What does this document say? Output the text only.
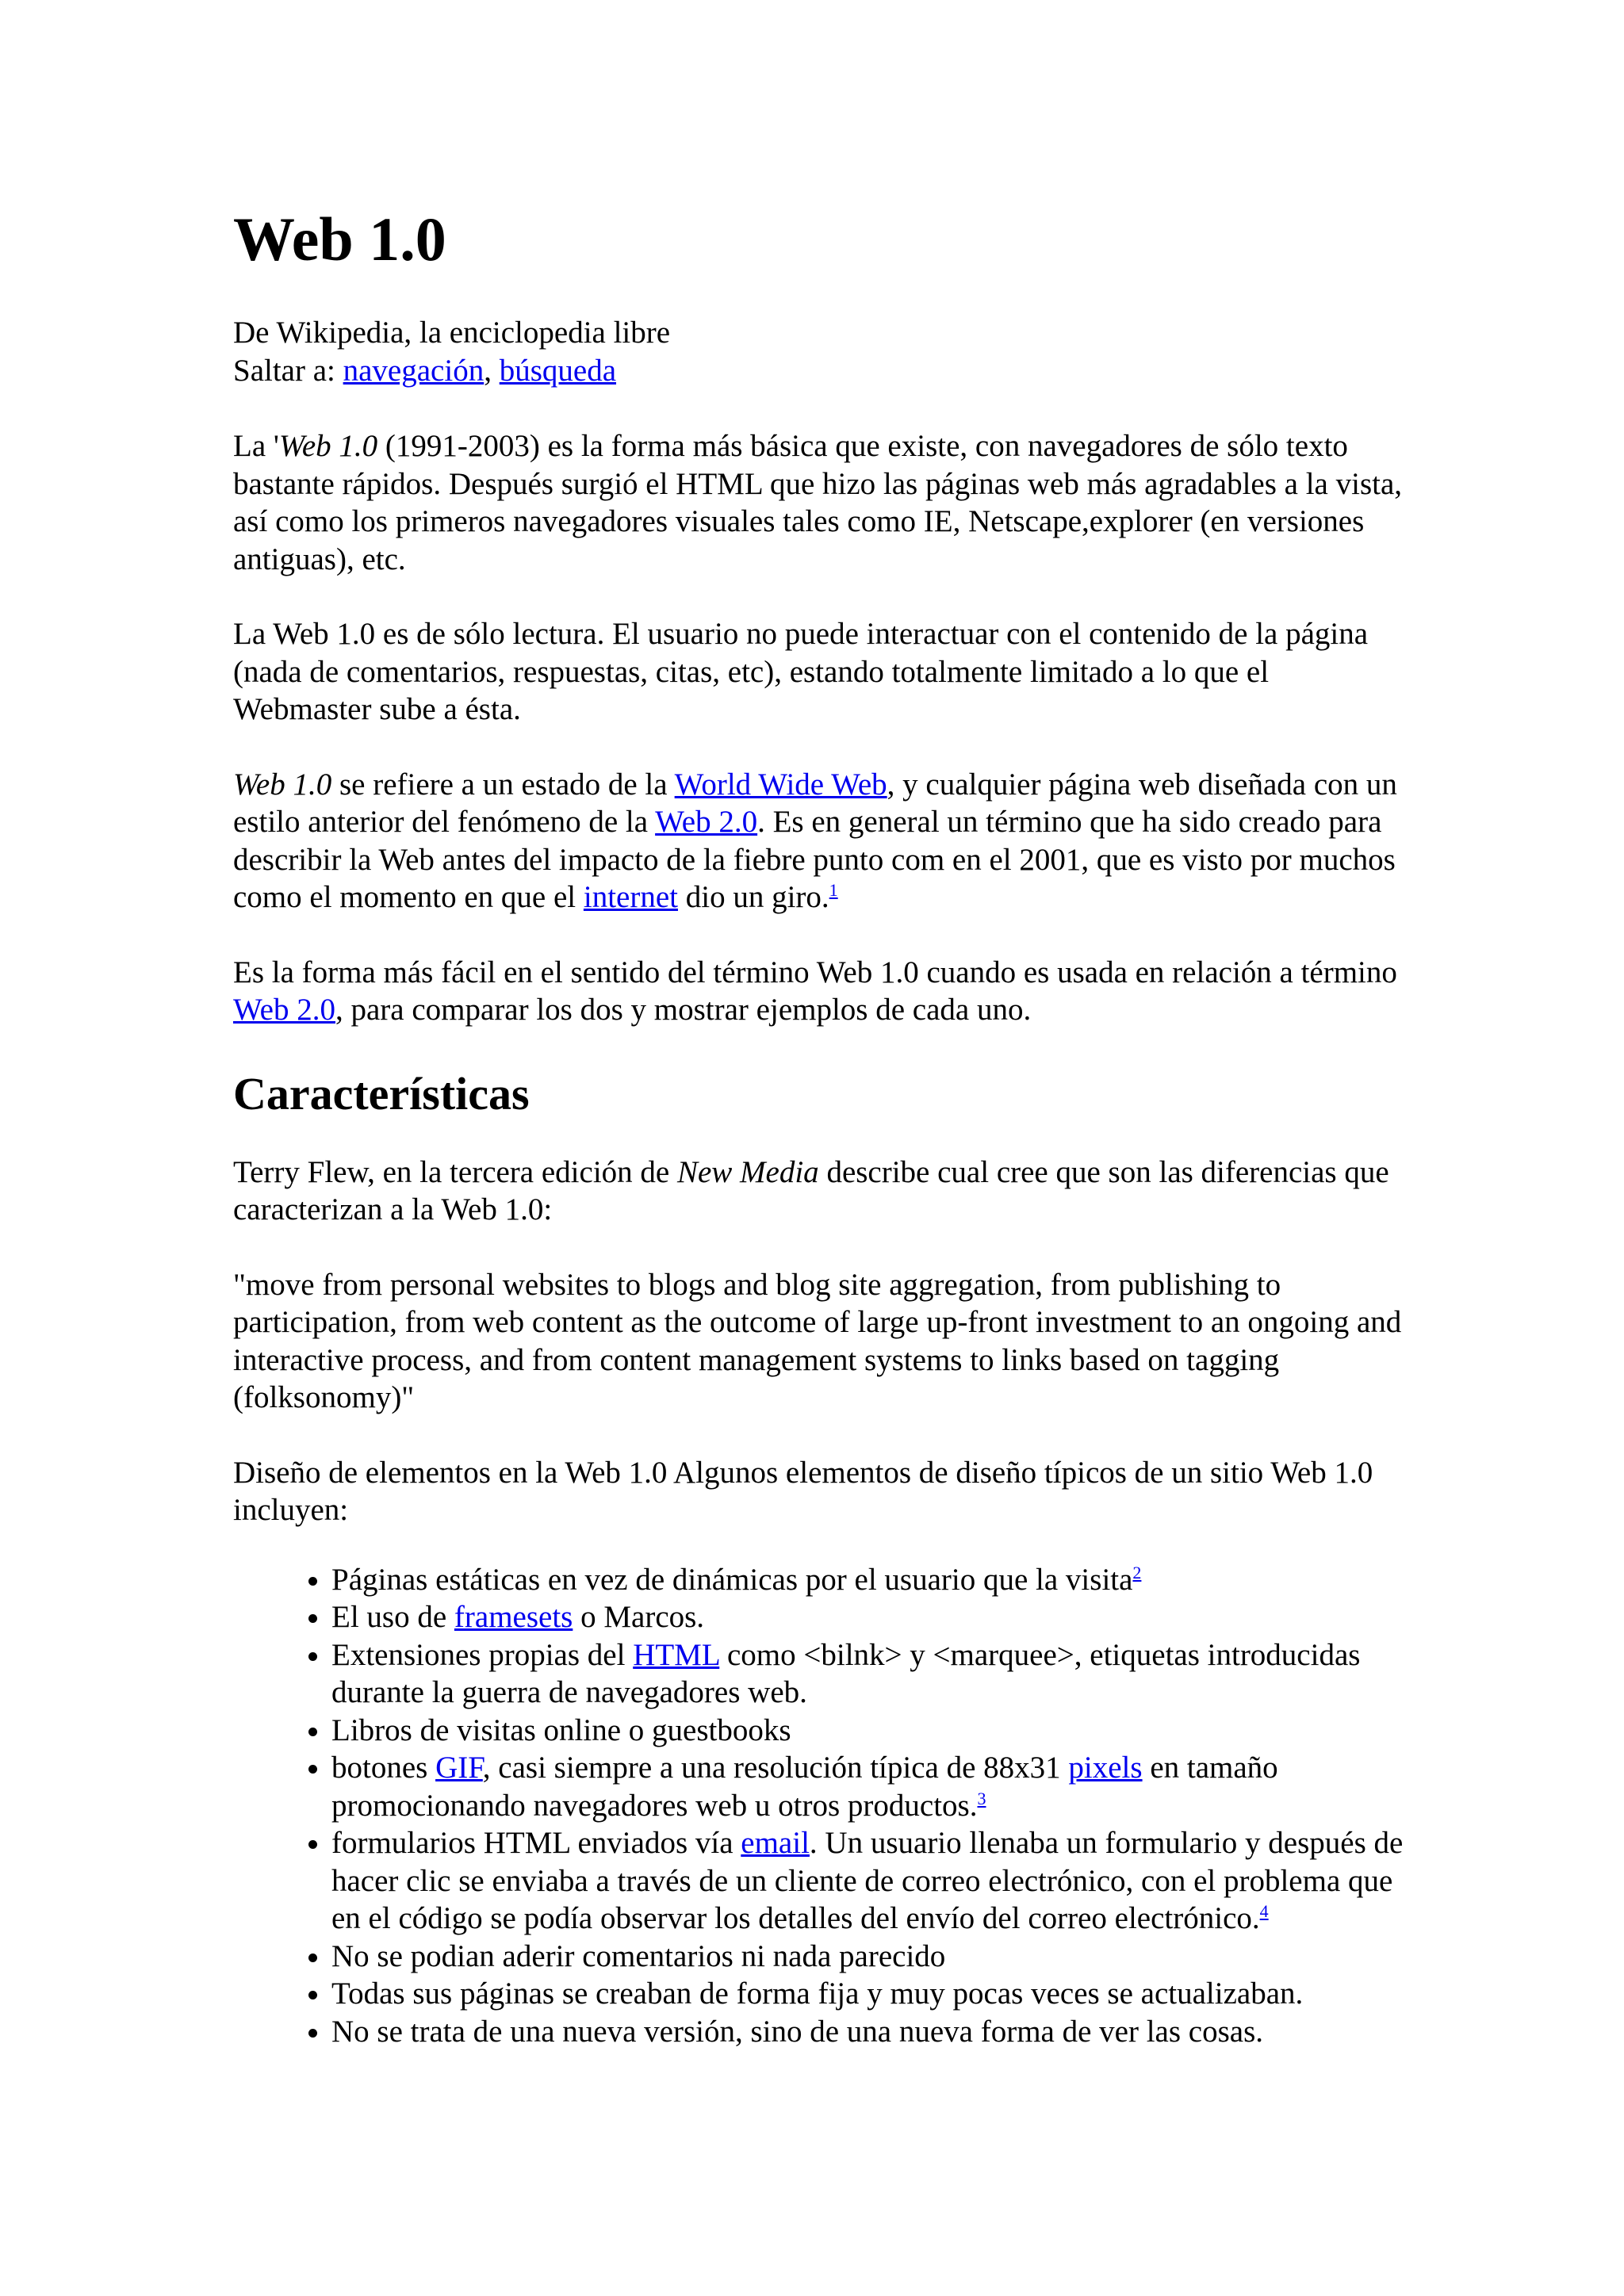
Web 1.0
De Wikipedia, la enciclopedia libre
Saltar a: navegación, búsqueda

La 'Web 1.0 (1991-2003) es la forma más básica que existe, con navegadores de sólo texto bastante rápidos. Después surgió el HTML que hizo las páginas web más agradables a la vista, así como los primeros navegadores visuales tales como IE, Netscape,explorer (en versiones antiguas), etc.

La Web 1.0 es de sólo lectura. El usuario no puede interactuar con el contenido de la página (nada de comentarios, respuestas, citas, etc), estando totalmente limitado a lo que el Webmaster sube a ésta.

Web 1.0 se refiere a un estado de la World Wide Web, y cualquier página web diseñada con un estilo anterior del fenómeno de la Web 2.0. Es en general un término que ha sido creado para describir la Web antes del impacto de la fiebre punto com en el 2001, que es visto por muchos como el momento en que el internet dio un giro.$^1$

Es la forma más fácil en el sentido del término Web 1.0 cuando es usada en relación a término Web 2.0, para comparar los dos y mostrar ejemplos de cada uno.

Características

Terry Flew, en la tercera edición de New Media describe cual cree que son las diferencias que caracterizan a la Web 1.0:

"move from personal websites to blogs and blog site aggregation, from publishing to participation, from web content as the outcome of large up-front investment to an ongoing and interactive process, and from content management systems to links based on tagging (folksonomy)"

Diseño de elementos en la Web 1.0 Algunos elementos de diseño típicos de un sitio Web 1.0 incluyen:

• Páginas estáticas en vez de dinámicas por el usuario que la visita$^2$
• El uso de framesets o Marcos.
• Extensiones propias del HTML como <bilnk> y <marquee>, etiquetas introducidas durante la guerra de navegadores web.
• Libros de visitas online o guestbooks
• botones GIF, casi siempre a una resolución típica de 88x31 pixels en tamaño promocionando navegadores web u otros productos.$^3$
• formularios HTML enviados vía email. Un usuario llenaba un formulario y después de hacer clic se enviaba a través de un cliente de correo electrónico, con el problema que en el código se podía observar los detalles del envío del correo electrónico.$^4$
• No se podian aderir comentarios ni nada parecido
• Todas sus páginas se creaban de forma fija y muy pocas veces se actualizaban.
• No se trata de una nueva versión, sino de una nueva forma de ver las cosas.
